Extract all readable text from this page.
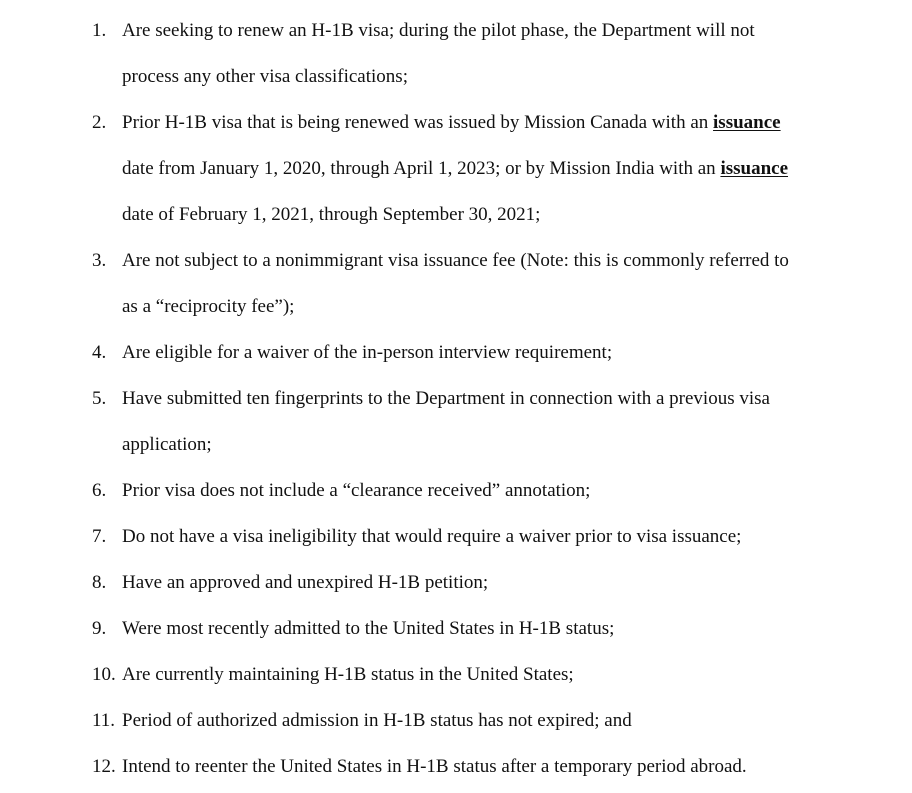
1. Are seeking to renew an H-1B visa; during the pilot phase, the Department will not
process any other visa classifications;
2. Prior H-1B visa that is being renewed was issued by Mission Canada with an issuance
date from January 1, 2020, through April 1, 2023; or by Mission India with an issuance
date of February 1, 2021, through September 30, 2021;
3. Are not subject to a nonimmigrant visa issuance fee (Note: this is commonly referred to
as a “reciprocity fee”);
4. Are eligible for a waiver of the in-person interview requirement;
5. Have submitted ten fingerprints to the Department in connection with a previous visa
application;
6. Prior visa does not include a “clearance received” annotation;
7. Do not have a visa ineligibility that would require a waiver prior to visa issuance;
8. Have an approved and unexpired H-1B petition;
9. Were most recently admitted to the United States in H-1B status;
10. Are currently maintaining H-1B status in the United States;
11. Period of authorized admission in H-1B status has not expired; and
12. Intend to reenter the United States in H-1B status after a temporary period abroad.
